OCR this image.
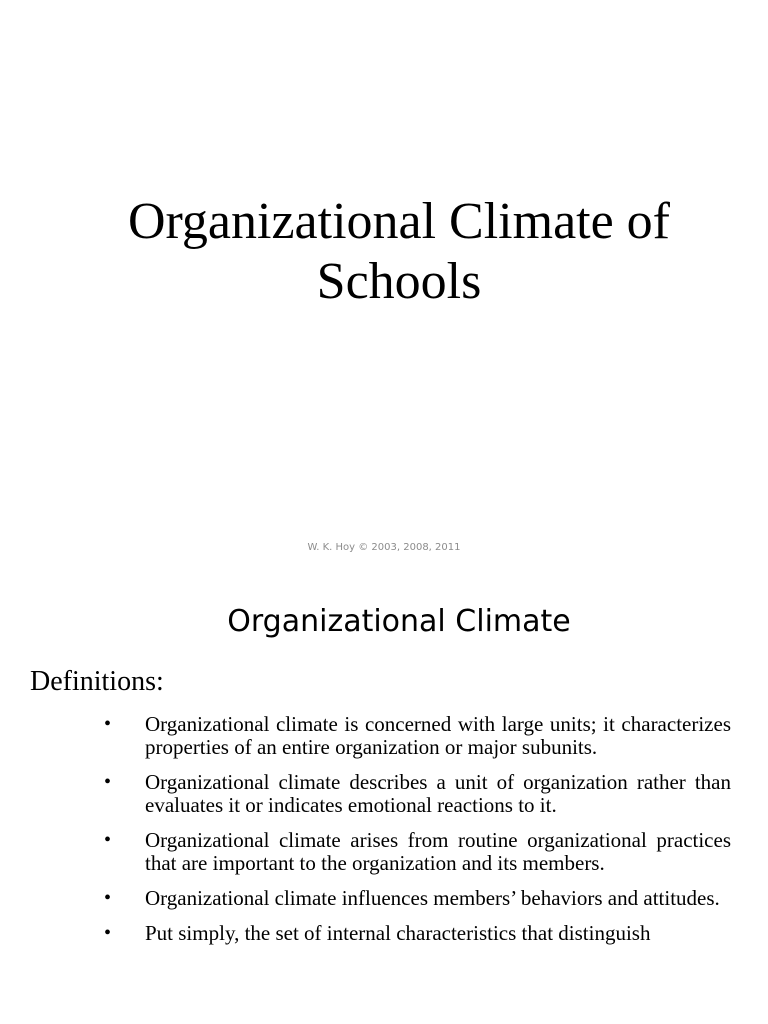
Organizational Climate of
Schools
W. K. Hoy © 2003, 2008, 2011
Organizational Climate
Definitions:
• Organizational climate is concerned with large units; it characterizes properties of an entire organization or major subunits.
• Organizational climate describes a unit of organization rather than evaluates it or indicates emotional reactions to it.
• Organizational climate arises from routine organizational practices that are important to the organization and its members.
• Organizational climate influences members’ behaviors and attitudes.
• Put simply, the set of internal characteristics that distinguish
